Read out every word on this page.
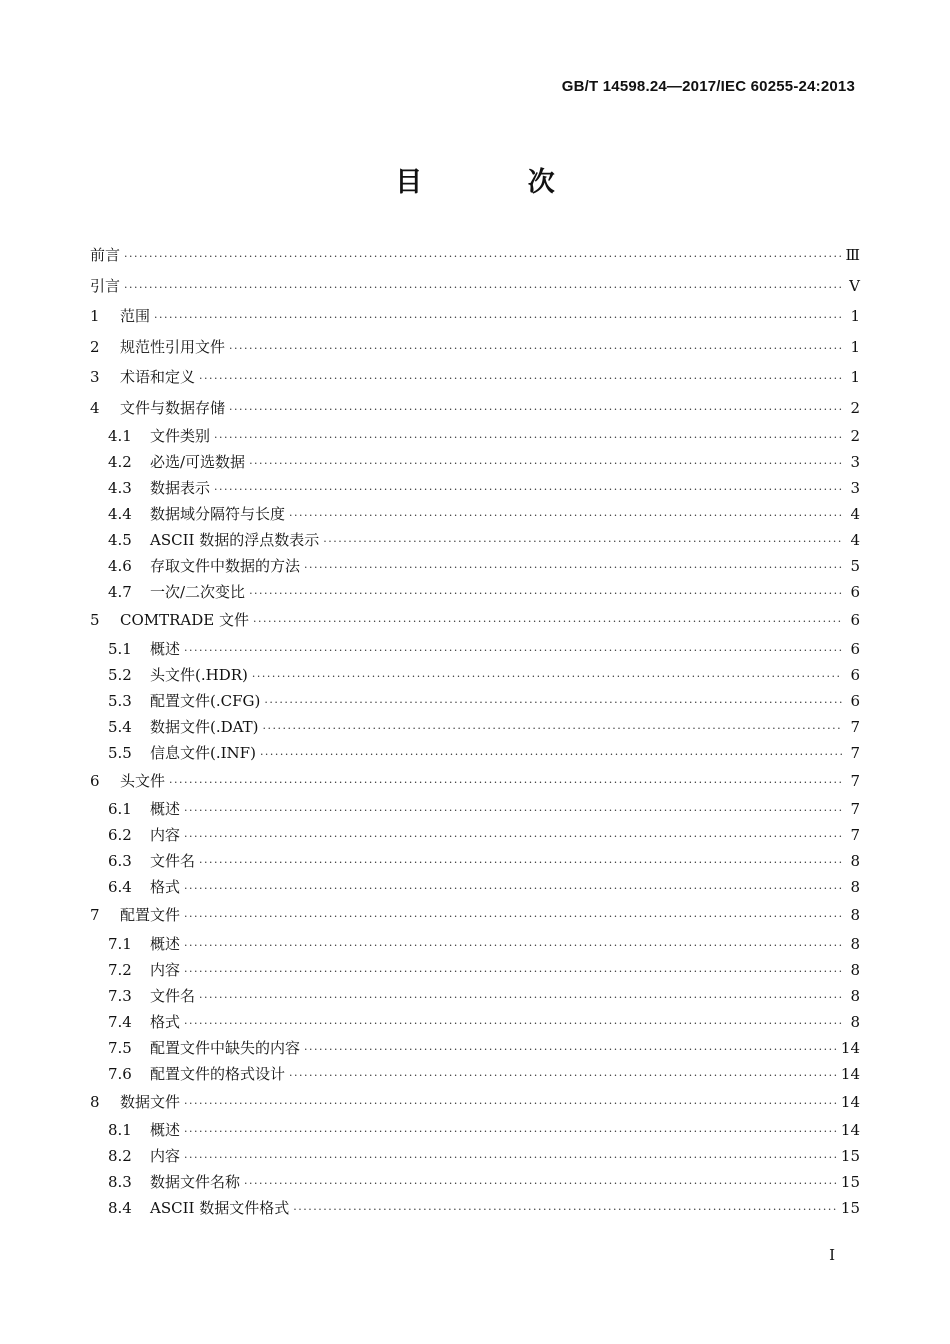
GB/T 14598.24—2017/IEC 60255-24:2013
目 次
前言 ·····	Ⅲ
引言 ·····	Ⅴ
1	范围 ·····	1
2	规范性引用文件 ·····	1
3	术语和定义 ·····	1
4	文件与数据存储 ·····	2
4.1	文件类别 ·····	2
4.2	必选/可选数据 ·····	3
4.3	数据表示 ·····	3
4.4	数据域分隔符与长度 ·····	4
4.5	ASCII 数据的浮点数表示 ·····	4
4.6	存取文件中数据的方法 ·····	5
4.7	一次/二次变比 ·····	6
5	COMTRADE 文件 ·····	6
5.1	概述 ·····	6
5.2	头文件(.HDR) ·····	6
5.3	配置文件(.CFG) ·····	6
5.4	数据文件(.DAT) ·····	7
5.5	信息文件(.INF) ·····	7
6	头文件 ·····	7
6.1	概述 ·····	7
6.2	内容 ·····	7
6.3	文件名 ·····	8
6.4	格式 ·····	8
7	配置文件 ·····	8
7.1	概述 ·····	8
7.2	内容 ·····	8
7.3	文件名 ·····	8
7.4	格式 ·····	8
7.5	配置文件中缺失的内容 ·····	14
7.6	配置文件的格式设计 ·····	14
8	数据文件 ·····	14
8.1	概述 ·····	14
8.2	内容 ·····	15
8.3	数据文件名称 ·····	15
8.4	ASCII 数据文件格式 ·····	15
I
